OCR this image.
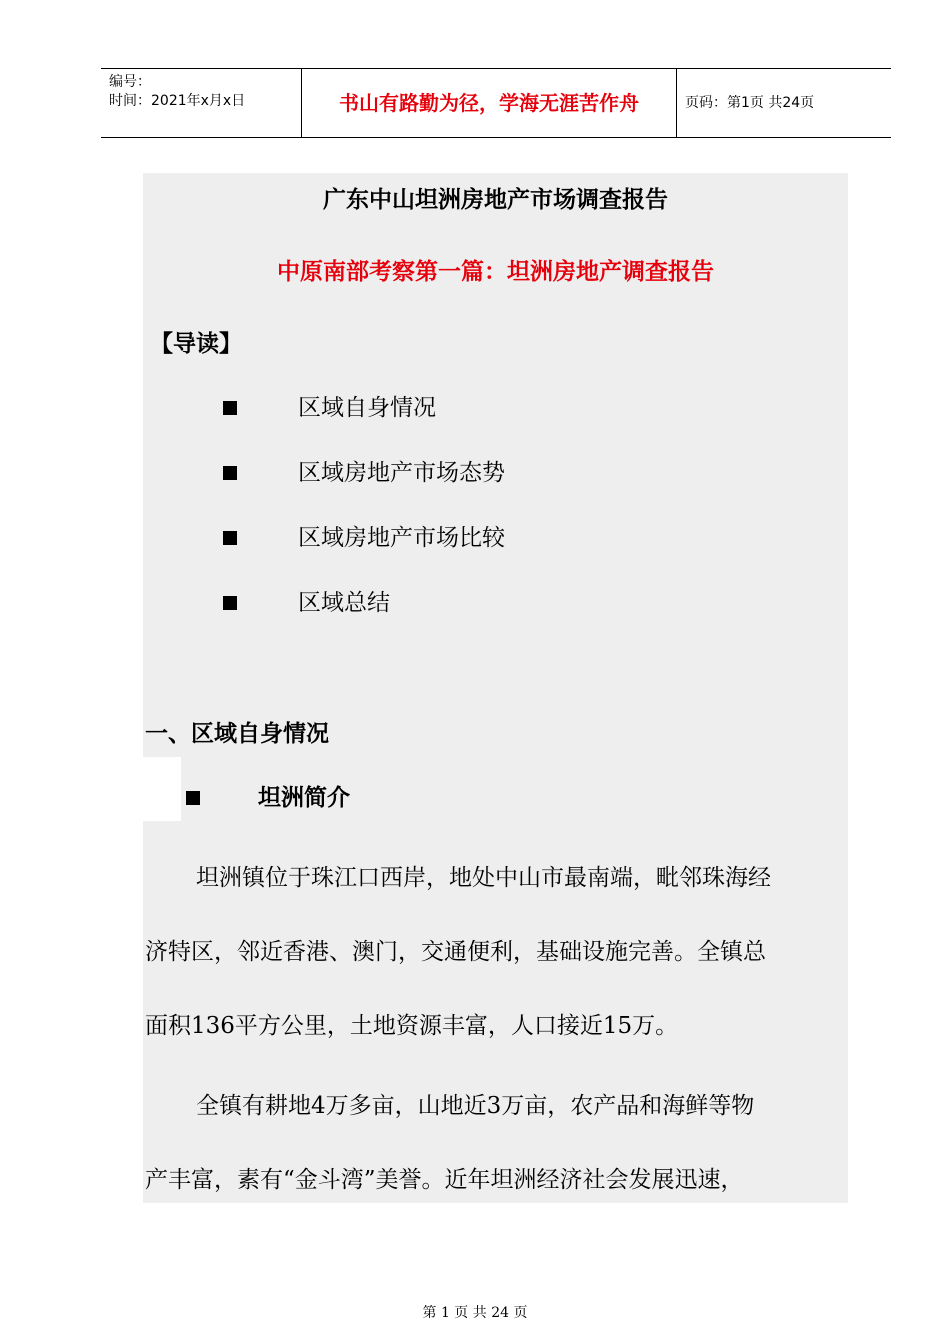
编号：
时间：2021年x月x日	书山有路勤为径，学海无涯苦作舟	页码：第1页 共24页
广东中山坦洲房地产市场调查报告
中原南部考察第一篇：坦洲房地产调查报告
【导读】
区域自身情况
区域房地产市场态势
区域房地产市场比较
区域总结
一、区域自身情况
坦洲简介
坦洲镇位于珠江口西岸，地处中山市最南端，毗邻珠海经
济特区，邻近香港、澳门，交通便利，基础设施完善。全镇总
面积136平方公里，土地资源丰富，人口接近15万。
全镇有耕地4万多亩，山地近3万亩，农产品和海鲜等物
产丰富，素有“金斗湾”美誉。近年坦洲经济社会发展迅速，
第 1 页 共 24 页
